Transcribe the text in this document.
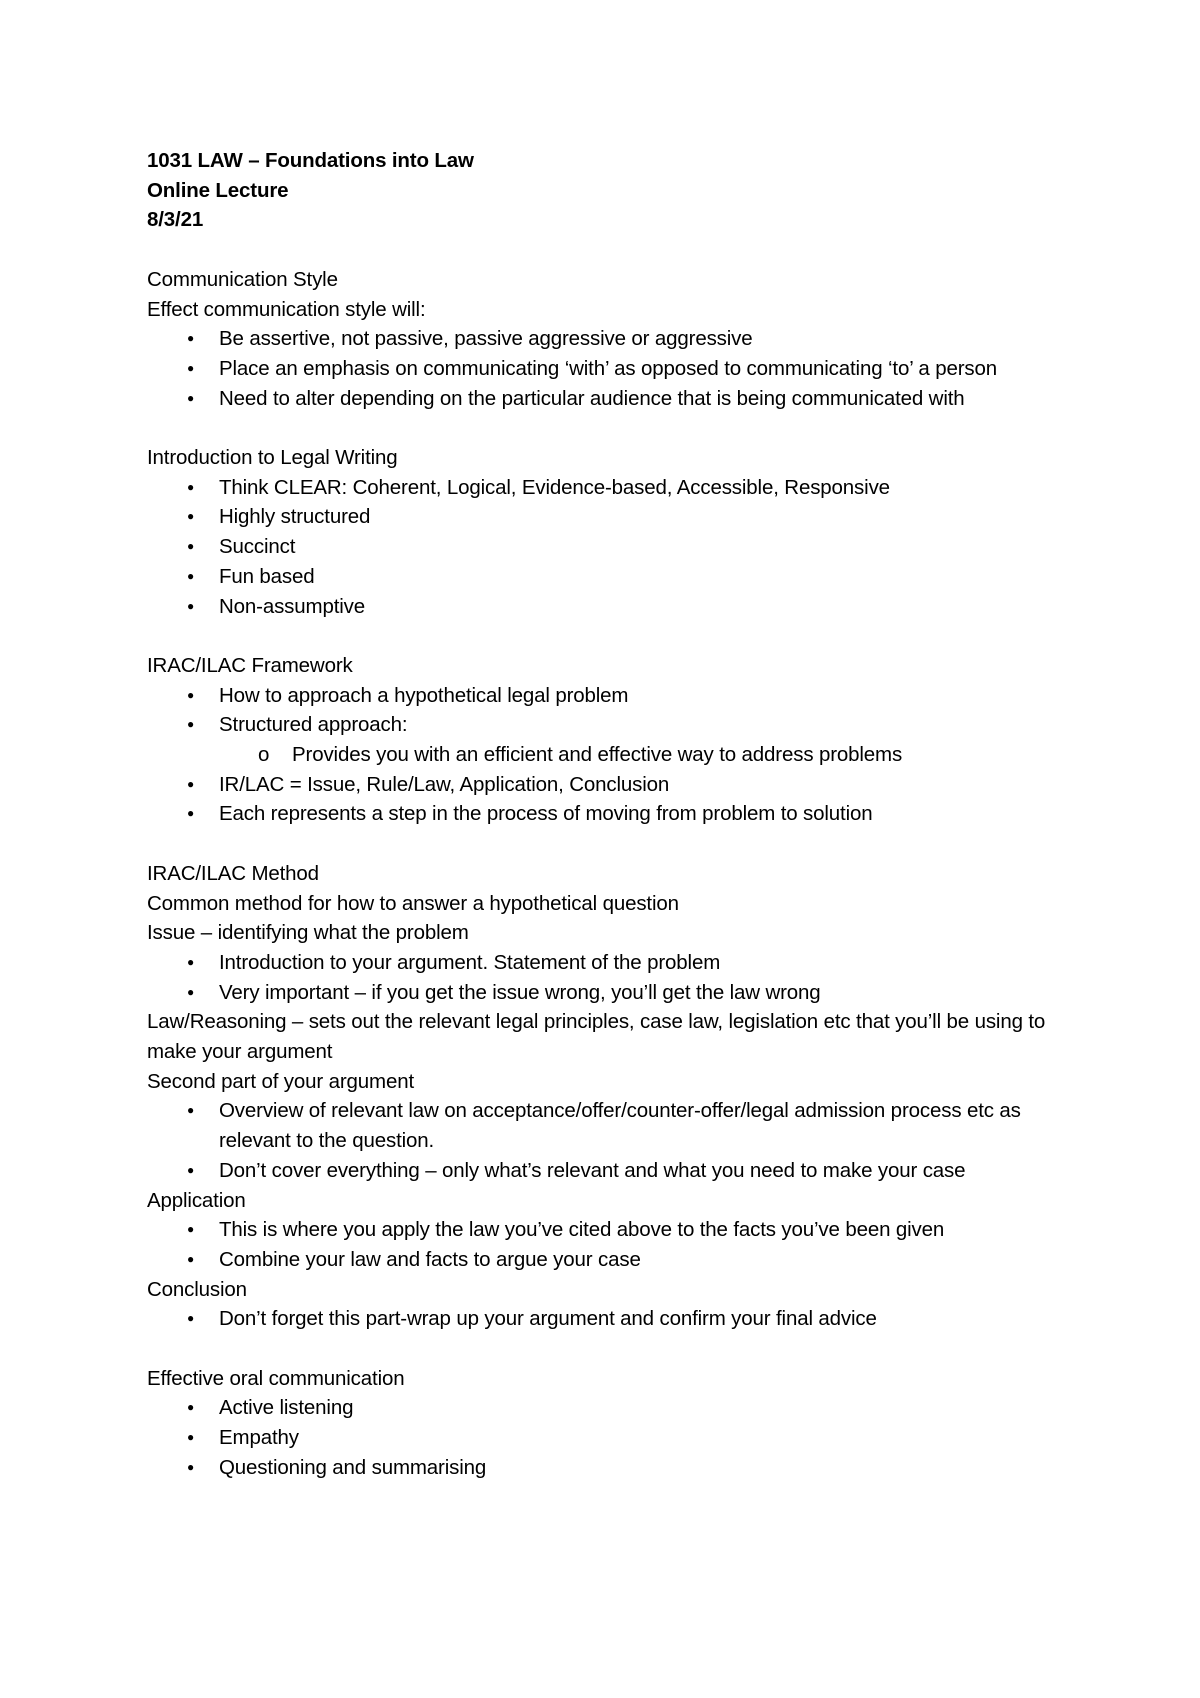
1031 LAW – Foundations into Law
Online Lecture
8/3/21
Communication Style
Effect communication style will:
● Be assertive, not passive, passive aggressive or aggressive
● Place an emphasis on communicating ‘with’ as opposed to communicating ‘to’ a person
● Need to alter depending on the particular audience that is being communicated with
Introduction to Legal Writing
● Think CLEAR: Coherent, Logical, Evidence-based, Accessible, Responsive
● Highly structured
● Succinct
● Fun based
● Non-assumptive
IRAC/ILAC Framework
● How to approach a hypothetical legal problem
● Structured approach:
o Provides you with an efficient and effective way to address problems
● IR/LAC = Issue, Rule/Law, Application, Conclusion
● Each represents a step in the process of moving from problem to solution
IRAC/ILAC Method
Common method for how to answer a hypothetical question
Issue – identifying what the problem
● Introduction to your argument. Statement of the problem
● Very important – if you get the issue wrong, you’ll get the law wrong
Law/Reasoning – sets out the relevant legal principles, case law, legislation etc that you’ll be using to make your argument
Second part of your argument
● Overview of relevant law on acceptance/offer/counter-offer/legal admission process etc as relevant to the question.
● Don’t cover everything – only what’s relevant and what you need to make your case
Application
● This is where you apply the law you’ve cited above to the facts you’ve been given
● Combine your law and facts to argue your case
Conclusion
● Don’t forget this part-wrap up your argument and confirm your final advice
Effective oral communication
● Active listening
● Empathy
● Questioning and summarising
